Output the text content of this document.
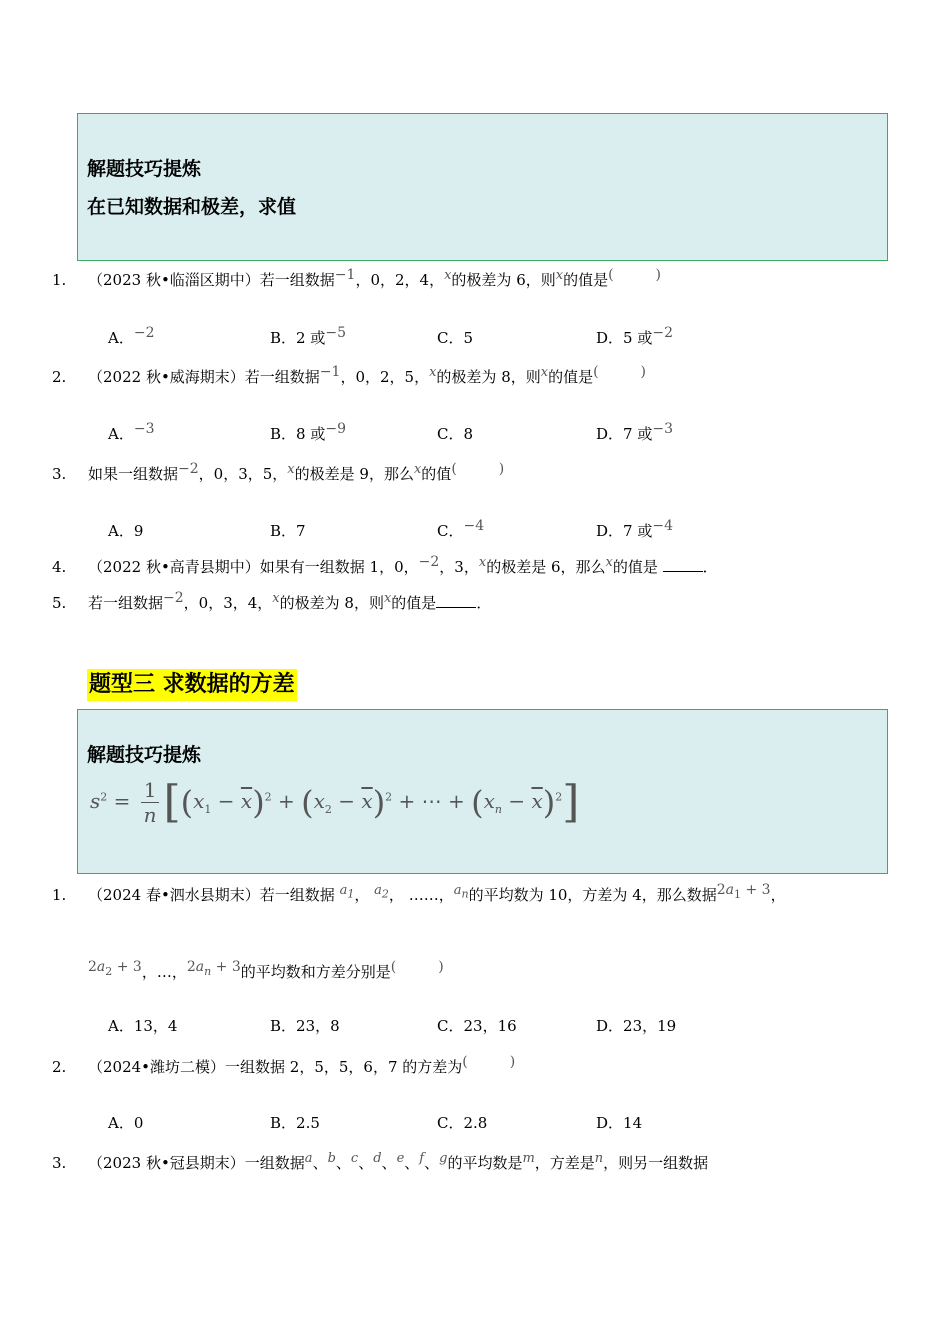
解题技巧提炼
在已知数据和极差，求值
1. （2023 秋•临淄区期中）若一组数据−1，0，2，4，x的极差为 6，则x的值是(　　　)
A．−2	B．2 或−5	C．5	D．5 或−2
2. （2022 秋•威海期末）若一组数据−1，0，2，5，x的极差为 8，则x的值是(　　　)
A．−3	B．8 或−9	C．8	D．7 或−3
3. 如果一组数据−2，0，3，5，x的极差是 9，那么x的值(　　　)
A．9	B．7	C．−4	D．7 或−4
4. （2022 秋•高青县期中）如果有一组数据 1，0，−2，3，x的极差是 6，那么x的值是	．
5. 若一组数据−2，0，3，4，x的极差为 8，则x的值是	．
题型三 求数据的方差
解题技巧提炼
$s^2 = \frac{1}{n} [(x_1 - \overline{x})^2 + (x_2 - \overline{x})^2$ + ⋯ + $(x_n - \overline{x})^2$]
1. （2024 春•泗水县期末）若一组数据 $a_1$， $a_2$， ……，$a_n$的平均数为 10，方差为 4，那么数据$2a_1 + 3$，
$2a_2 + 3$，…，$2a_n + 3$的平均数和方差分别是(　　　)
A．13，4	B．23，8	C．23，16	D．23，19
2. （2024•潍坊二模）一组数据 2，5，5，6，7 的方差为(　　　)
A．0	B．2.5	C．2.8	D．14
3. （2023 秋•冠县期末）一组数据a、b、c、d、e、f、g的平均数是m，方差是n，则另一组数据
